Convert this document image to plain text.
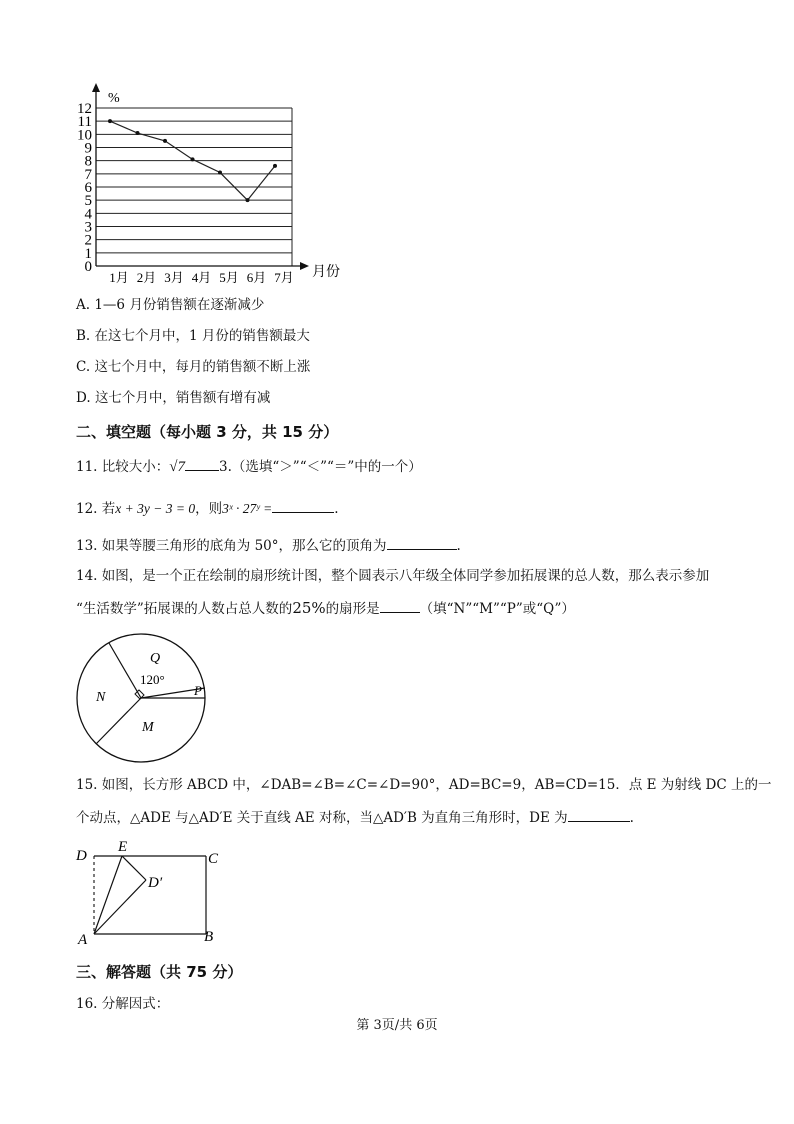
0
1
2
3
4
5
6
7
8
9
10
11
12
1月 2月 3月 4月 5月 6月 7月
%
月份
A. 1—6 月份销售额在逐渐减少
B. 在这七个月中，1 月份的销售额最大
C. 这七个月中，每月的销售额不断上涨
D. 这七个月中，销售额有增有减
二、填空题（每小题 3 分，共 15 分）
11. 比较大小：√7	3.（选填“＞”“＜”“＝”中的一个）
12. 若x + 3y − 3 = 0，则3ˣ · 27ʸ =	.
13. 如果等腰三角形的底角为 50°，那么它的顶角为	.
14. 如图，是一个正在绘制的扇形统计图，整个圆表示八年级全体同学参加拓展课的总人数，那么表示参加
“生活数学”拓展课的人数占总人数的25%的扇形是	（填“N”“M”“P”或“Q”）
Q
120°
P
N
M
15. 如图，长方形 ABCD 中，∠DAB=∠B=∠C=∠D=90°，AD=BC=9，AB=CD=15．点 E 为射线 DC 上的一
个动点，△ADE 与△AD′E 关于直线 AE 对称，当△AD′B 为直角三角形时，DE 为	.
D
E
C
D′
A	B
三、解答题（共 75 分）
16. 分解因式：
第 3页/共 6页
